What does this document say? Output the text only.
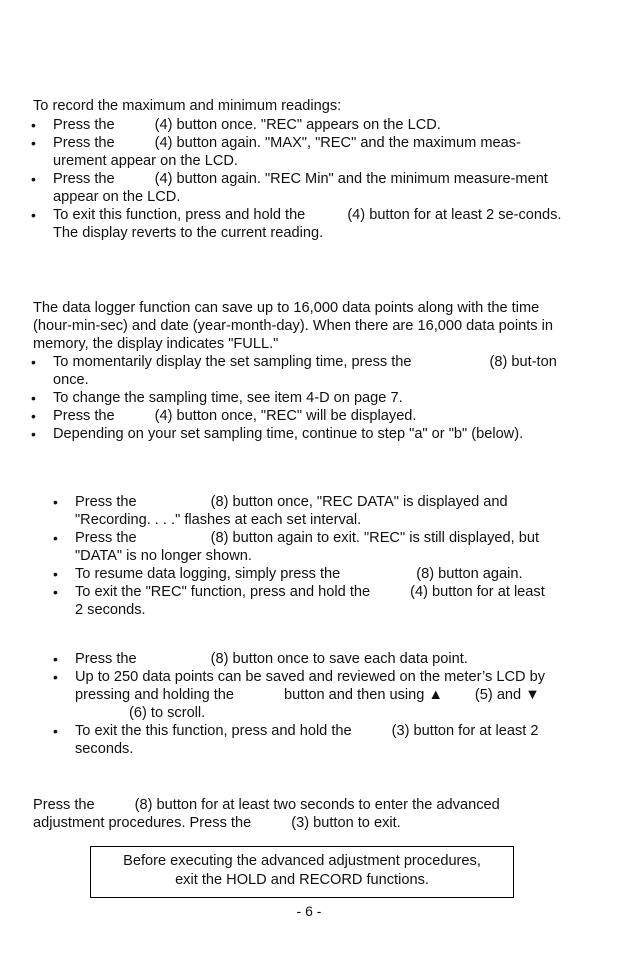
To record the maximum and minimum readings:

• Press the	(4) button once. "REC" appears on the LCD.
• Press the	(4) button again. "MAX", "REC" and the maximum meas-urement appear on the LCD.
• Press the	(4) button again. "REC Min" and the minimum measure-ment appear on the LCD.
• To exit this function, press and hold the	(4) button for at least 2 se-conds. The display reverts to the current reading.

The data logger function can save up to 16,000 data points along with the time (hour-min-sec) and date (year-month-day). When there are 16,000 data points in memory, the display indicates "FULL."

• To momentarily display the set sampling time, press the	(8) but-ton once.
• To change the sampling time, see item 4-D on page 7.
• Press the	(4) button once, "REC" will be displayed.
• Depending on your set sampling time, continue to step "a" or "b" (below).
• Press the	(8) button once, "REC DATA" is displayed and "Recording. . . ." flashes at each set interval.
• Press the	(8) button again to exit. "REC" is still displayed, but "DATA" is no longer shown.
• To resume data logging, simply press the	(8) button again.
• To exit the "REC" function, press and hold the	(4) button for at least 2 seconds.
• Press the	(8) button once to save each data point.
• Up to 250 data points can be saved and reviewed on the meter’s LCD by pressing and holding the	button and then using ▲ (5) and ▼(6) to scroll.
• To exit the this function, press and hold the	(3) button for at least 2 seconds.

Press the	(8) button for at least two seconds to enter the advanced adjustment procedures. Press the	(3) button to exit.

Before executing the advanced adjustment procedures,

exit the HOLD and RECORD functions.

- 6 -
